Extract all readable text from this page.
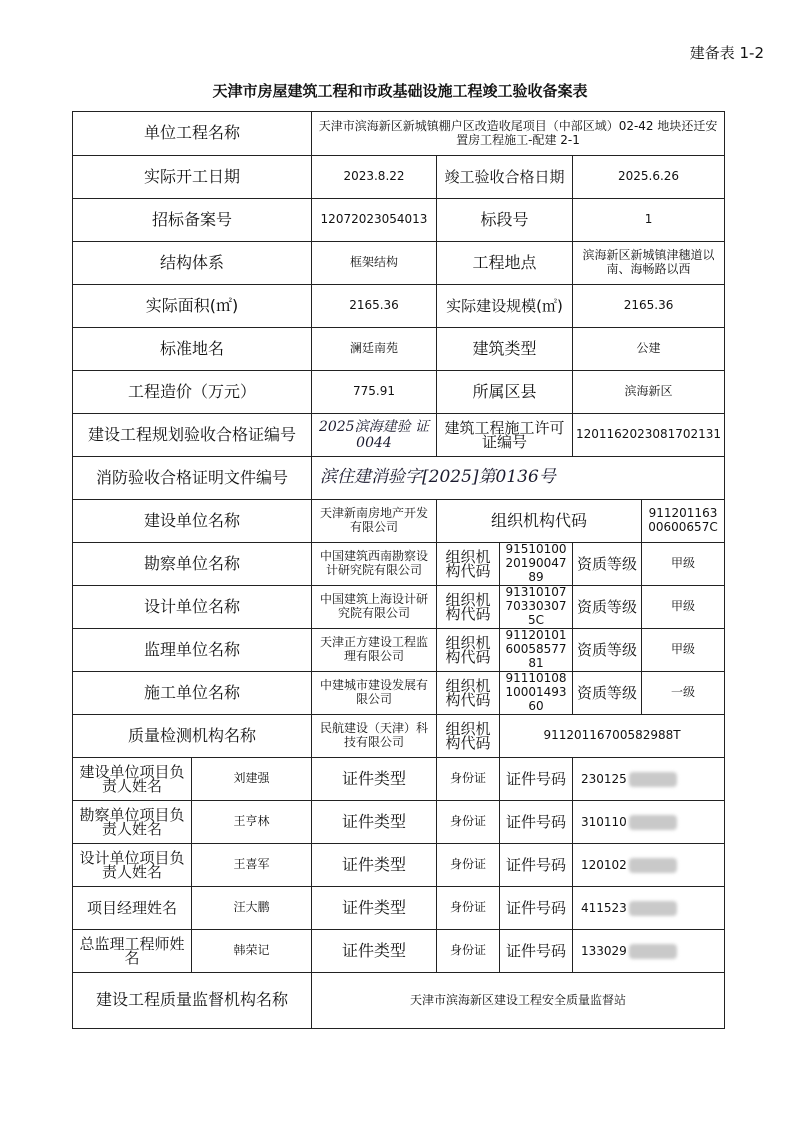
建备表 1-2
天津市房屋建筑工程和市政基础设施工程竣工验收备案表
单位工程名称		天津市滨海新区新城镇棚户区改造收尾项目（中部区域）02-42 地块还迁安置房工程施工-配建 2-1				
实际开工日期		2023.8.22	竣工验收合格日期		2025.6.26	
招标备案号		12072023054013	标段号		1	
结构体系		框架结构	工程地点		滨海新区新城镇津穗道以南、海畅路以西	
实际面积(㎡)		2165.36	实际建设规模(㎡)		2165.36	
标准地名		澜廷南苑	建筑类型		公建	
工程造价（万元）		775.91	所属区县		滨海新区	
建设工程规划验收合格证编号		2025滨海建验 证0044	建筑工程施工许可证编号		1201162023081702131	
消防验收合格证明文件编号		滨住建消验字[2025]第0136号				
建设单位名称		天津新南房地产开发有限公司	组织机构代码			91120116300600657C
勘察单位名称		中国建筑西南勘察设计研究院有限公司	组织机构代码	915101002019004789	资质等级	甲级
设计单位名称		中国建筑上海设计研究院有限公司	组织机构代码	91310107703303075C	资质等级	甲级
监理单位名称		天津正方建设工程监理有限公司	组织机构代码	911201016005857781	资质等级	甲级
施工单位名称		中建城市建设发展有限公司	组织机构代码	911101081000149360	资质等级	一级
质量检测机构名称		民航建设（天津）科技有限公司	组织机构代码	91120116700582988T		
建设单位项目负责人姓名	刘建强	证件类型	身份证	证件号码	230125	
勘察单位项目负责人姓名	王亨林	证件类型	身份证	证件号码	310110	
设计单位项目负责人姓名	王喜军	证件类型	身份证	证件号码	120102	
项目经理姓名	汪大鹏	证件类型	身份证	证件号码	411523	
总监理工程师姓名	韩荣记	证件类型	身份证	证件号码	133029	
建设工程质量监督机构名称		天津市滨海新区建设工程安全质量监督站				
